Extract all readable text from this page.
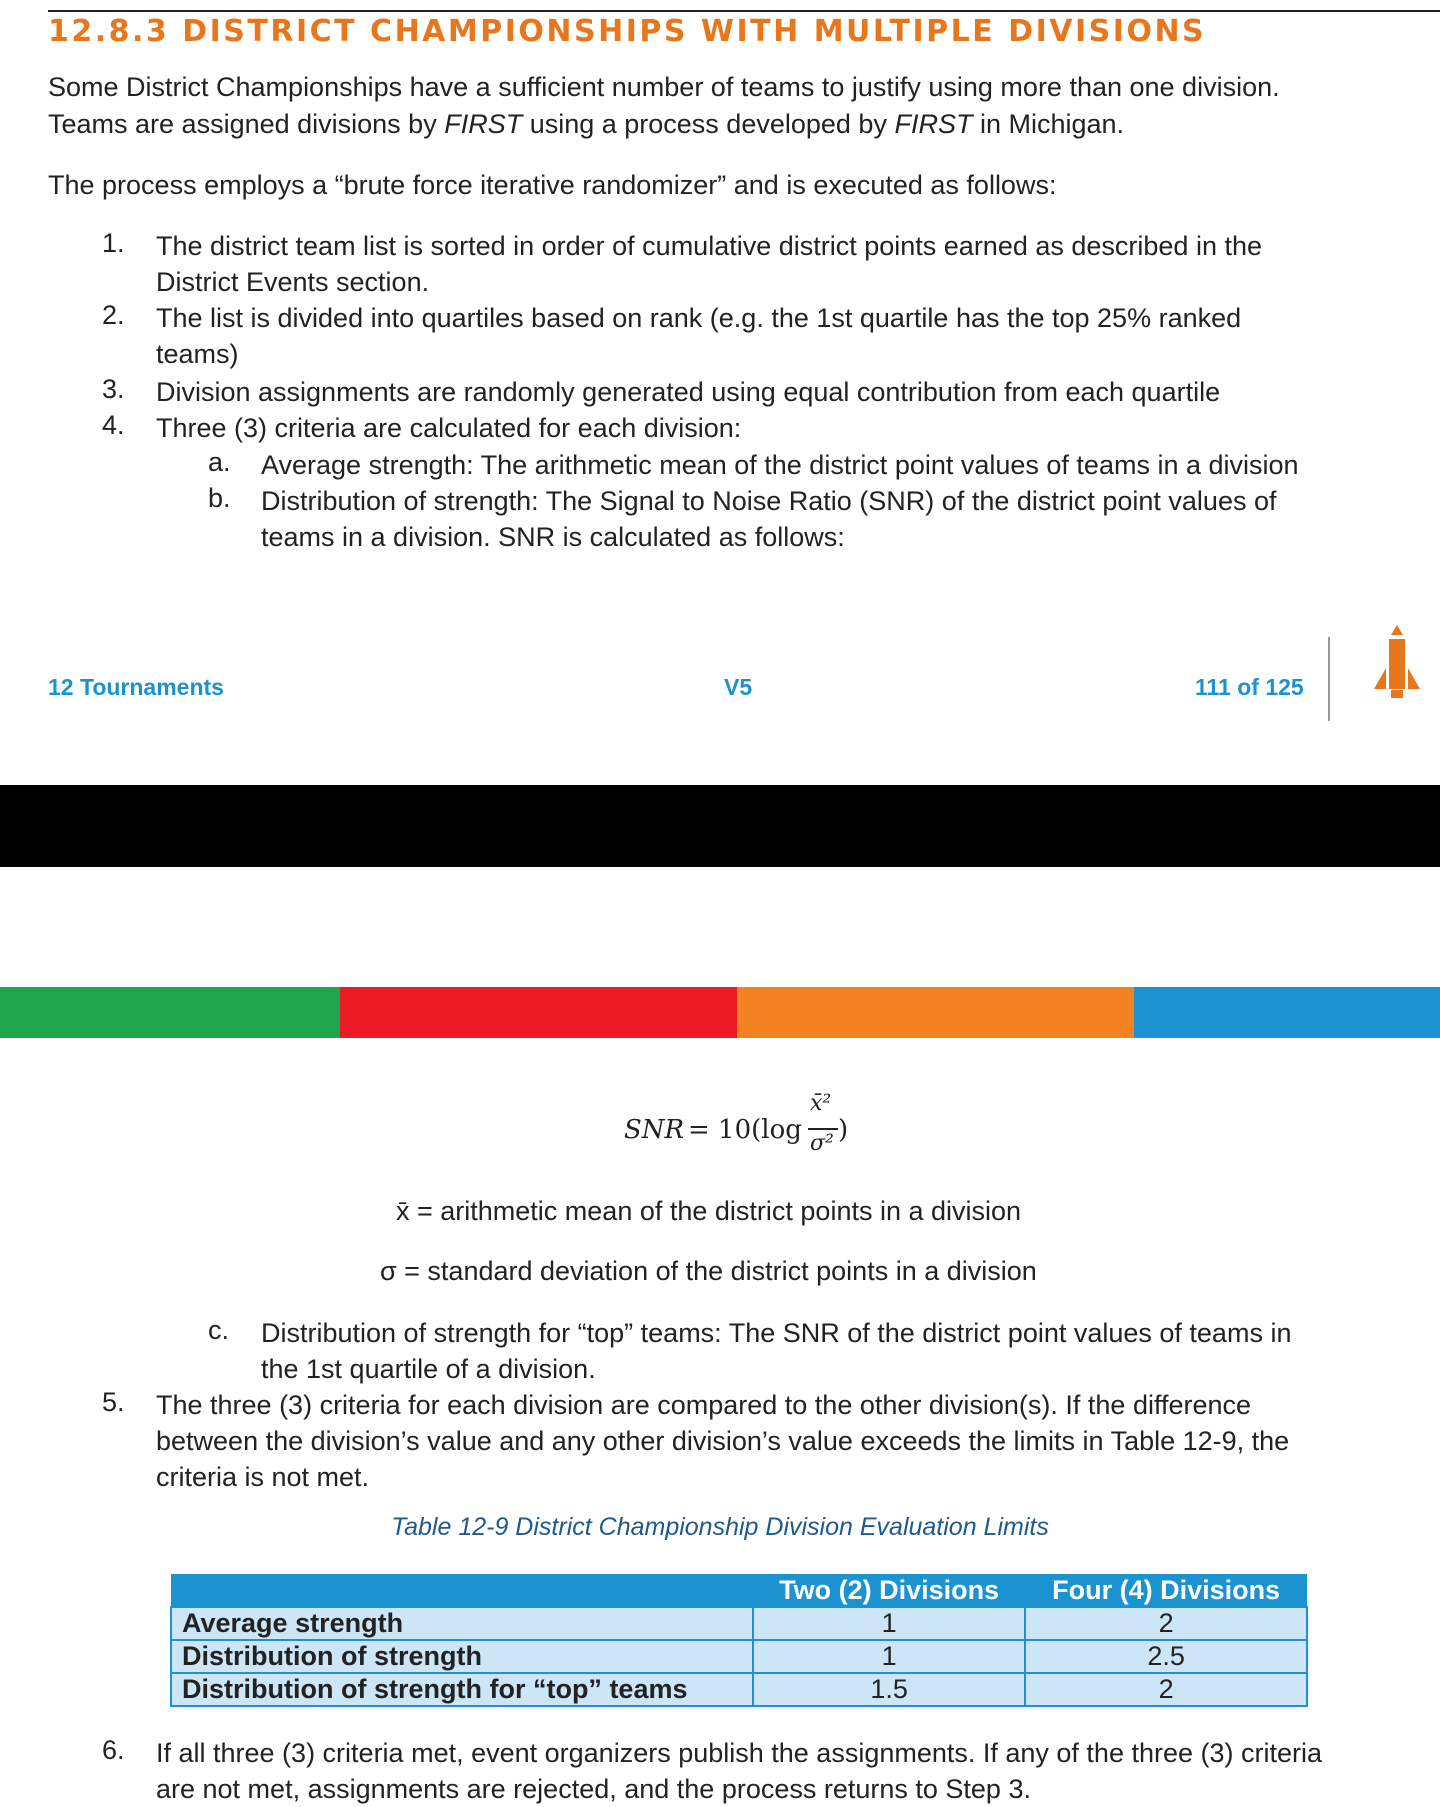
12.8.3 DISTRICT CHAMPIONSHIPS WITH MULTIPLE DIVISIONS
Some District Championships have a sufficient number of teams to justify using more than one division.
Teams are assigned divisions by FIRST using a process developed by FIRST in Michigan.
The process employs a “brute force iterative randomizer” and is executed as follows:
1. The district team list is sorted in order of cumulative district points earned as described in the
District Events section.
2. The list is divided into quartiles based on rank (e.g. the 1st quartile has the top 25% ranked
teams)
3. Division assignments are randomly generated using equal contribution from each quartile
4. Three (3) criteria are calculated for each division:
a. Average strength: The arithmetic mean of the district point values of teams in a division
b. Distribution of strength: The Signal to Noise Ratio (SNR) of the district point values of
teams in a division. SNR is calculated as follows:
12 Tournaments	V5	111 of 125
SNR = 10(log
x̄²
σ² )
x̄ = arithmetic mean of the district points in a division
σ = standard deviation of the district points in a division
c. Distribution of strength for “top” teams: The SNR of the district point values of teams in
the 1st quartile of a division.
5. The three (3) criteria for each division are compared to the other division(s). If the difference
between the division’s value and any other division’s value exceeds the limits in Table 12-9, the
criteria is not met.
Table 12-9 District Championship Division Evaluation Limits
	Two (2) Divisions	Four (4) Divisions
Average strength	1	2
Distribution of strength	1	2.5
Distribution of strength for “top” teams	1.5	2
6. If all three (3) criteria met, event organizers publish the assignments. If any of the three (3) criteria
are not met, assignments are rejected, and the process returns to Step 3.
